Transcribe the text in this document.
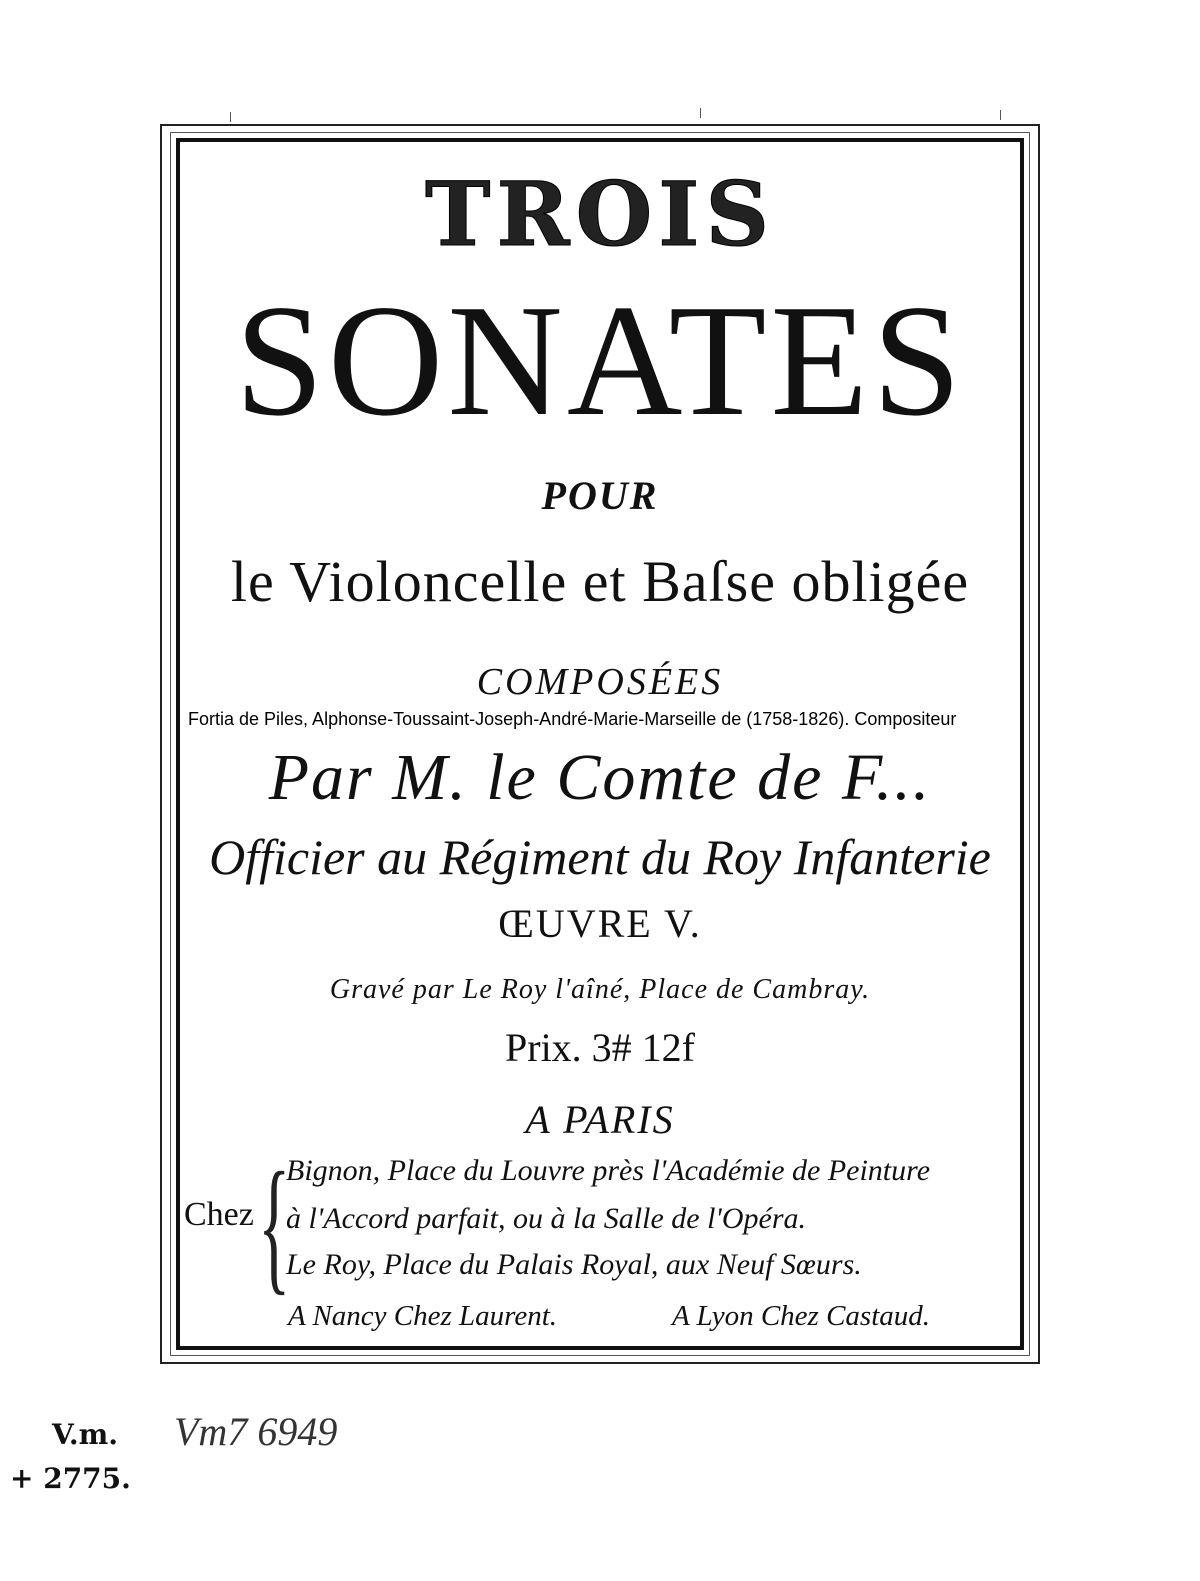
TROIS
SONATES
POUR
le Violoncelle et Baſse obligée
COMPOSÉES
Fortia de Piles, Alphonse-Toussaint-Joseph-André-Marie-Marseille de (1758-1826). Compositeur
Par M. le Comte de F...
Officier au Régiment du Roy Infanterie
ŒUVRE V.
Gravé par Le Roy l'aîné, Place de Cambray.
Prix. 3# 12f
A PARIS
Chez {
Bignon, Place du Louvre près l'Académie de Peinture
à l'Accord parfait, ou à la Salle de l'Opéra.
Le Roy, Place du Palais Royal, aux Neuf Sœurs.
A Nancy Chez Laurent.	A Lyon Chez Castaud.
V.m.
+ 2775.
Vm7 6949
